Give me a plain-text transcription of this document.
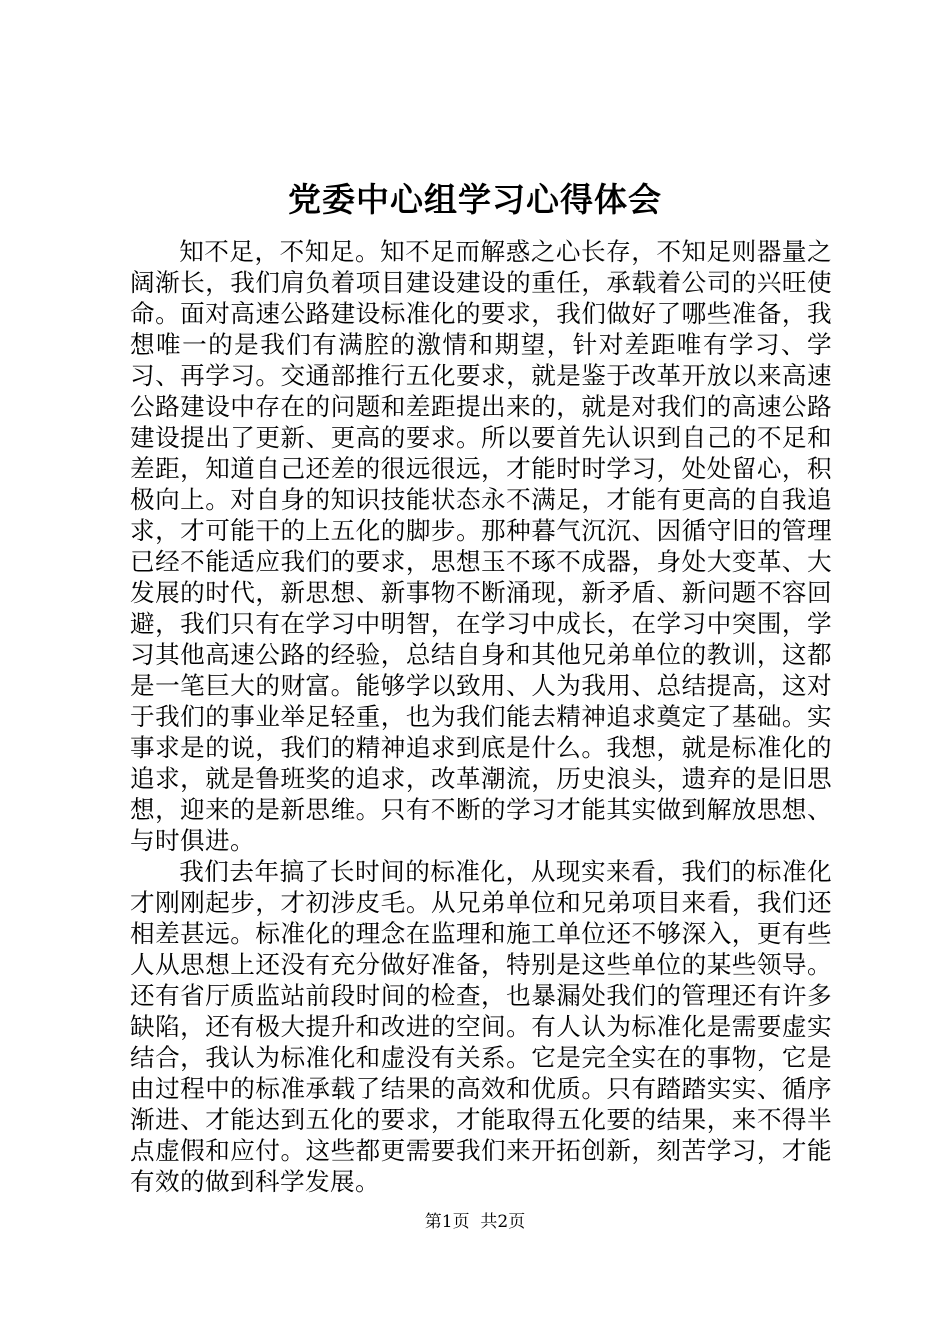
党委中心组学习心得体会

知不足，不知足。知不足而解惑之心长存，不知足则器量之阔渐长，我们肩负着项目建设建设的重任，承载着公司的兴旺使命。面对高速公路建设标准化的要求，我们做好了哪些准备，我想唯一的是我们有满腔的激情和期望，针对差距唯有学习、学习、再学习。交通部推行五化要求，就是鉴于改革开放以来高速公路建设中存在的问题和差距提出来的，就是对我们的高速公路建设提出了更新、更高的要求。所以要首先认识到自己的不足和差距，知道自己还差的很远很远，才能时时学习，处处留心，积极向上。对自身的知识技能状态永不满足，才能有更高的自我追求，才可能干的上五化的脚步。那种暮气沉沉、因循守旧的管理已经不能适应我们的要求，思想玉不琢不成器，身处大变革、大发展的时代，新思想、新事物不断涌现，新矛盾、新问题不容回避，我们只有在学习中明智，在学习中成长，在学习中突围，学习其他高速公路的经验，总结自身和其他兄弟单位的教训，这都是一笔巨大的财富。能够学以致用、人为我用、总结提高，这对于我们的事业举足轻重，也为我们能去精神追求奠定了基础。实事求是的说，我们的精神追求到底是什么。我想，就是标准化的追求，就是鲁班奖的追求，改革潮流，历史浪头，遗弃的是旧思想，迎来的是新思维。只有不断的学习才能其实做到解放思想、与时俱进。

我们去年搞了长时间的标准化，从现实来看，我们的标准化才刚刚起步，才初涉皮毛。从兄弟单位和兄弟项目来看，我们还相差甚远。标准化的理念在监理和施工单位还不够深入，更有些人从思想上还没有充分做好准备，特别是这些单位的某些领导。还有省厅质监站前段时间的检查，也暴漏处我们的管理还有许多缺陷，还有极大提升和改进的空间。有人认为标准化是需要虚实结合，我认为标准化和虚没有关系。它是完全实在的事物，它是由过程中的标准承载了结果的高效和优质。只有踏踏实实、循序渐进、才能达到五化的要求，才能取得五化要的结果，来不得半点虚假和应付。这些都更需要我们来开拓创新，刻苦学习，才能有效的做到科学发展。

第1页  共2页
